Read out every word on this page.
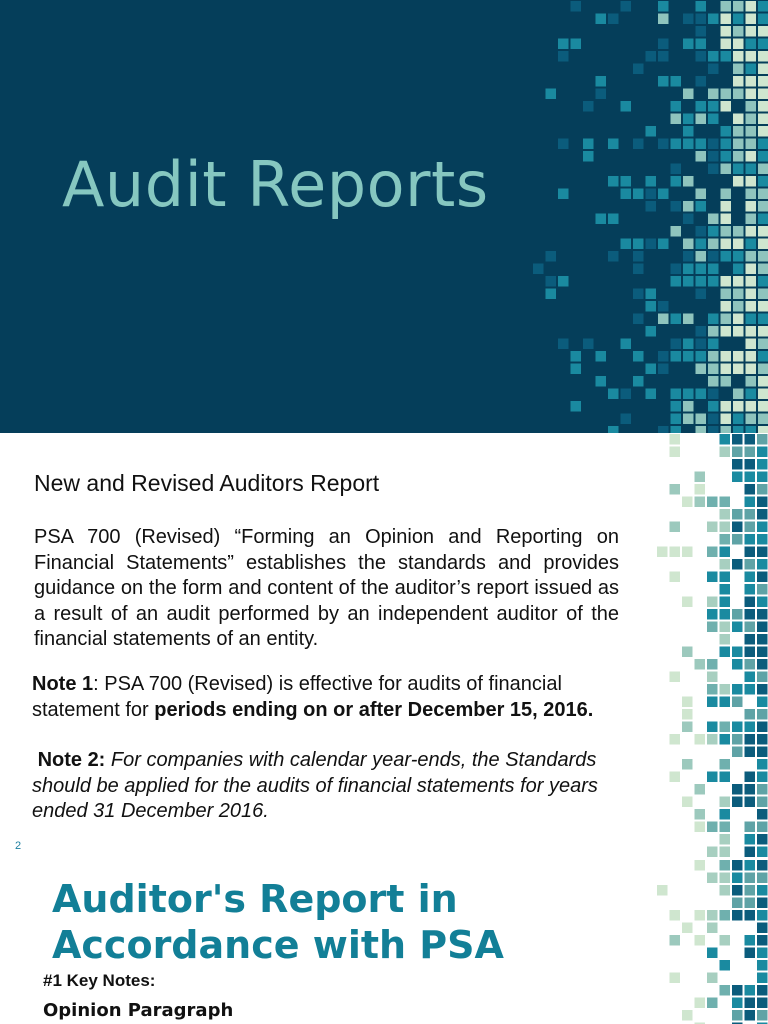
Audit Reports
New and Revised Auditors Report
PSA 700 (Revised) “Forming an Opinion and Reporting on Financial Statements” establishes the standards and provides guidance on the form and content of the auditor’s report issued as a result of an audit performed by an independent auditor of the financial statements of an entity.
Note 1: PSA 700 (Revised) is effective for audits of financial statement for periods ending on or after December 15, 2016.
Note 2: For companies with calendar year-ends, the Standards should be applied for the audits of financial statements for years ended 31 December 2016.
2
Auditor's Report in
Accordance with PSA
#1 Key Notes:
Opinion Paragraph
